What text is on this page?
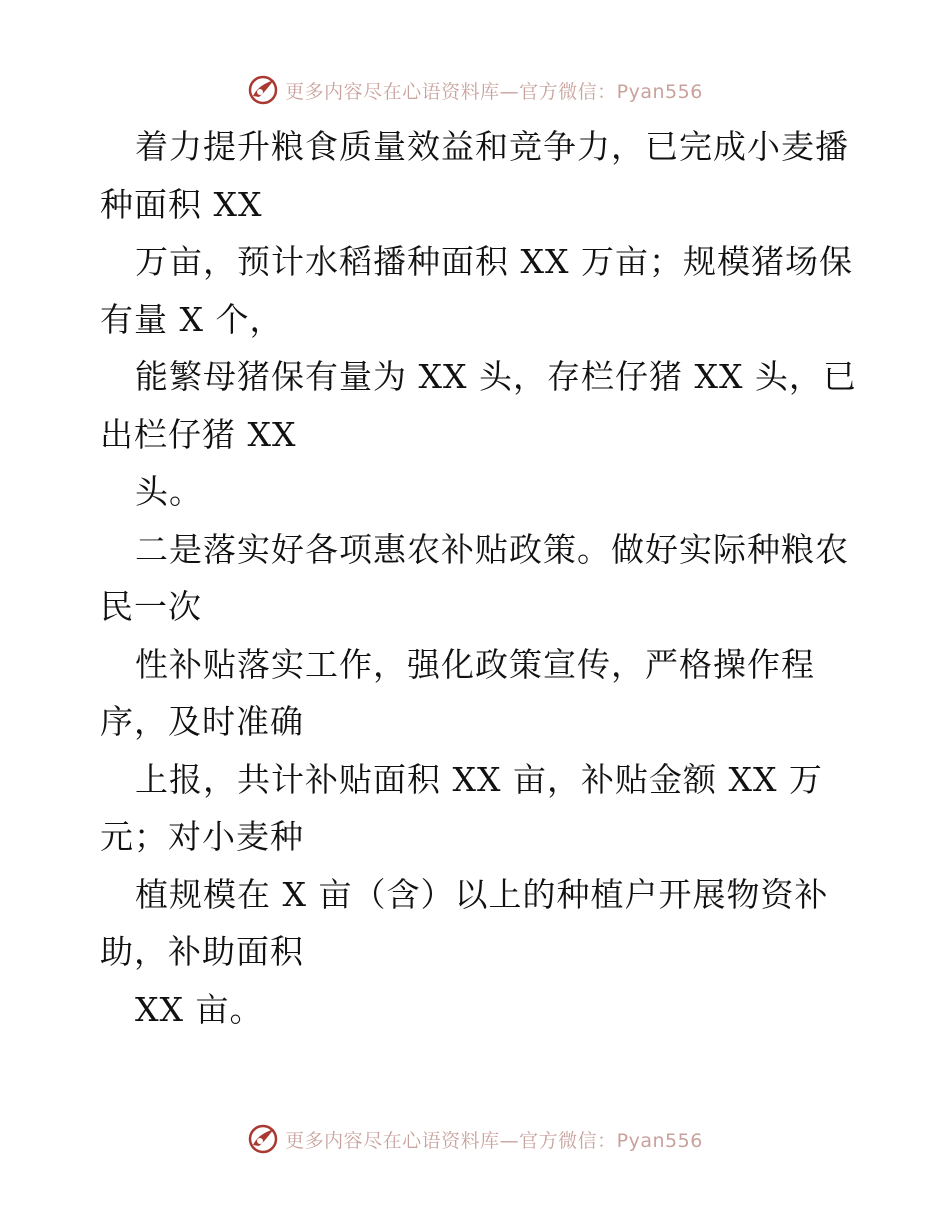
更多内容尽在心语资料库—官方微信：Pyan556
着力提升粮食质量效益和竞争力，已完成小麦播
种面积 XX
万亩，预计水稻播种面积 XX 万亩；规模猪场保
有量 X 个，
能繁母猪保有量为 XX 头，存栏仔猪 XX 头，已
出栏仔猪 XX
头。
二是落实好各项惠农补贴政策。做好实际种粮农
民一次
性补贴落实工作，强化政策宣传，严格操作程
序，及时准确
上报，共计补贴面积 XX 亩，补贴金额 XX 万
元；对小麦种
植规模在 X 亩（含）以上的种植户开展物资补
助，补助面积
XX 亩。
更多内容尽在心语资料库—官方微信：Pyan556
